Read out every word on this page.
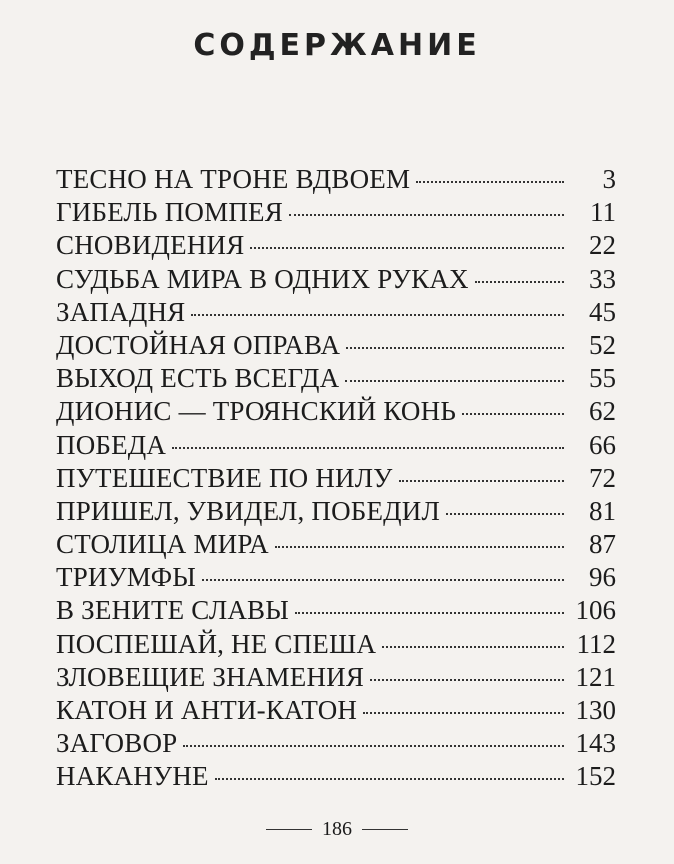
СОДЕРЖАНИЕ
ТЕСНО НА ТРОНЕ ВДВОЕМ	3
ГИБЕЛЬ ПОМПЕЯ	11
СНОВИДЕНИЯ	22
СУДЬБА МИРА В ОДНИХ РУКАХ	33
ЗАПАДНЯ	45
ДОСТОЙНАЯ ОПРАВА	52
ВЫХОД ЕСТЬ ВСЕГДА	55
ДИОНИС — ТРОЯНСКИЙ КОНЬ	62
ПОБЕДА	66
ПУТЕШЕСТВИЕ ПО НИЛУ	72
ПРИШЕЛ, УВИДЕЛ, ПОБЕДИЛ	81
СТОЛИЦА МИРА	87
ТРИУМФЫ	96
В ЗЕНИТЕ СЛАВЫ	106
ПОСПЕШАЙ, НЕ СПЕША	112
ЗЛОВЕЩИЕ ЗНАМЕНИЯ	121
КАТОН И АНТИ-КАТОН	130
ЗАГОВОР	143
НАКАНУНЕ	152
186
